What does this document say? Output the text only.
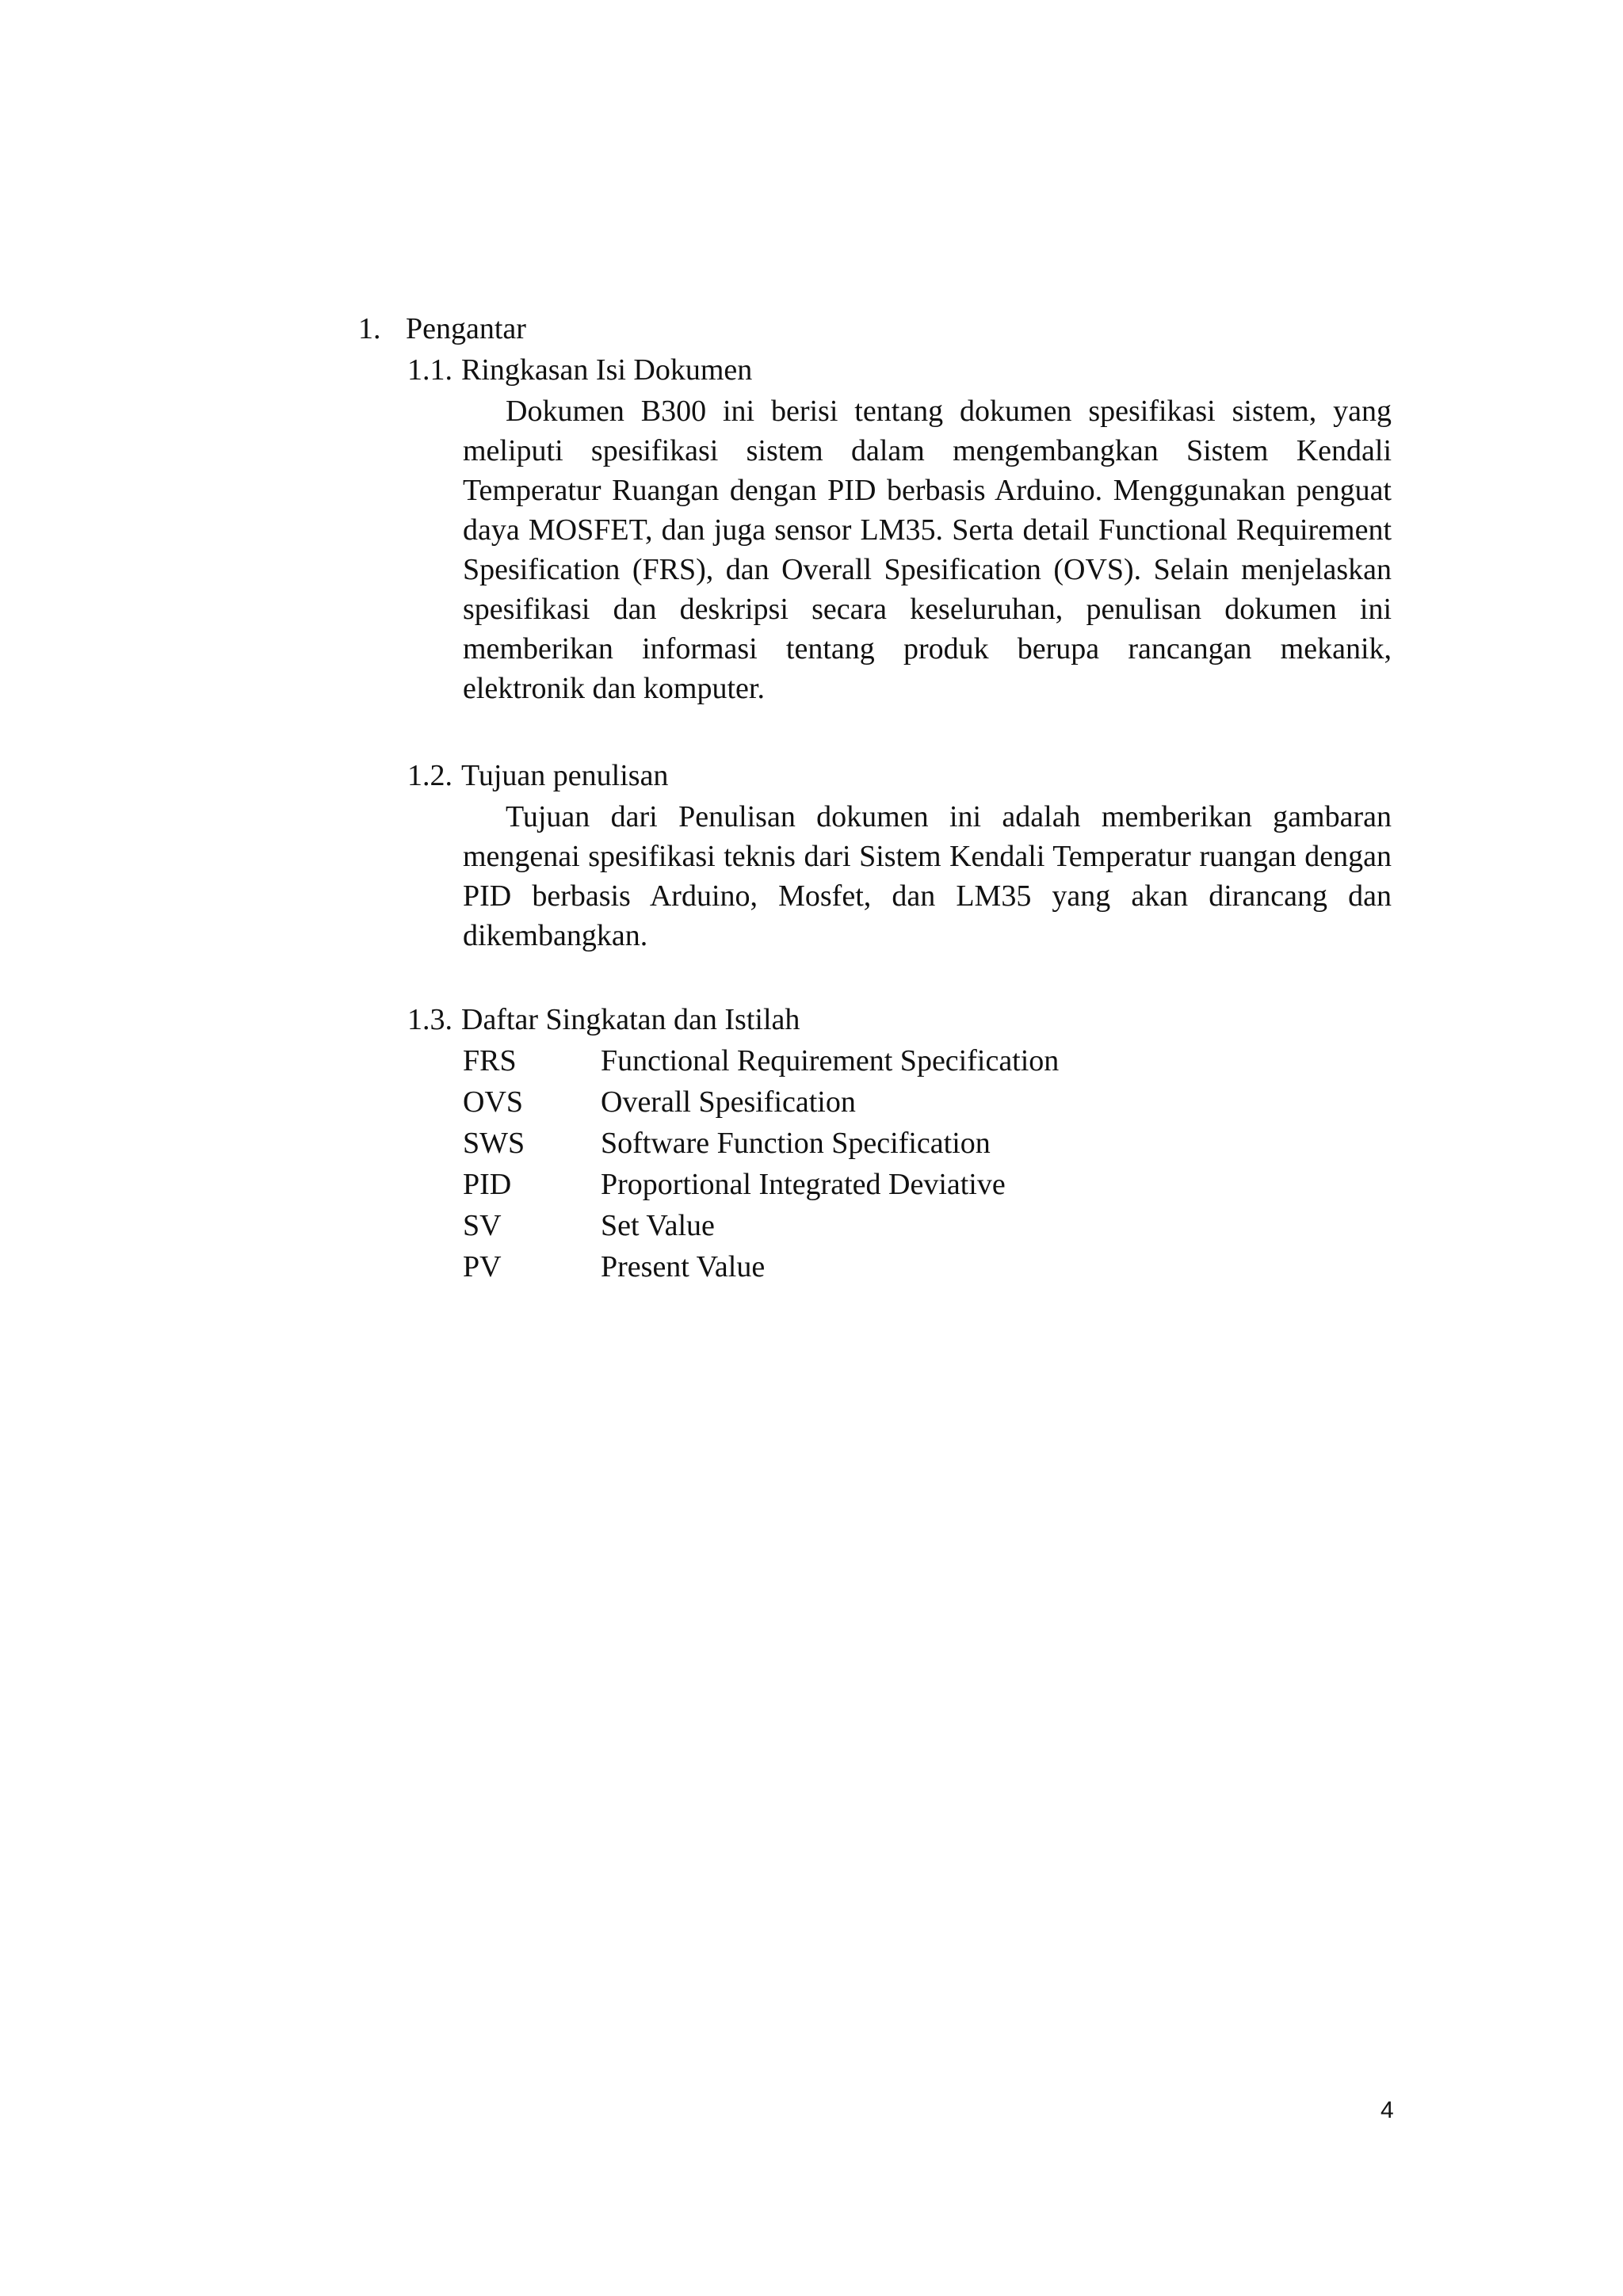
1. Pengantar
1.1. Ringkasan Isi Dokumen

Dokumen B300 ini berisi tentang dokumen spesifikasi sistem, yang meliputi spesifikasi sistem dalam mengembangkan Sistem Kendali Temperatur Ruangan dengan PID berbasis Arduino. Menggunakan penguat daya MOSFET, dan juga sensor LM35. Serta detail Functional Requirement Spesification (FRS), dan Overall Spesification (OVS). Selain menjelaskan spesifikasi dan deskripsi secara keseluruhan, penulisan dokumen ini memberikan informasi tentang produk berupa rancangan mekanik, elektronik dan komputer.

1.2. Tujuan penulisan

Tujuan dari Penulisan dokumen ini adalah memberikan gambaran mengenai spesifikasi teknis dari Sistem Kendali Temperatur ruangan dengan PID berbasis Arduino, Mosfet, dan LM35 yang akan dirancang dan dikembangkan.

1.3. Daftar Singkatan dan Istilah
FRS	Functional Requirement Specification
OVS	Overall Spesification
SWS	Software Function Specification
PID	Proportional Integrated Deviative
SV	Set Value
PV	Present Value
4
